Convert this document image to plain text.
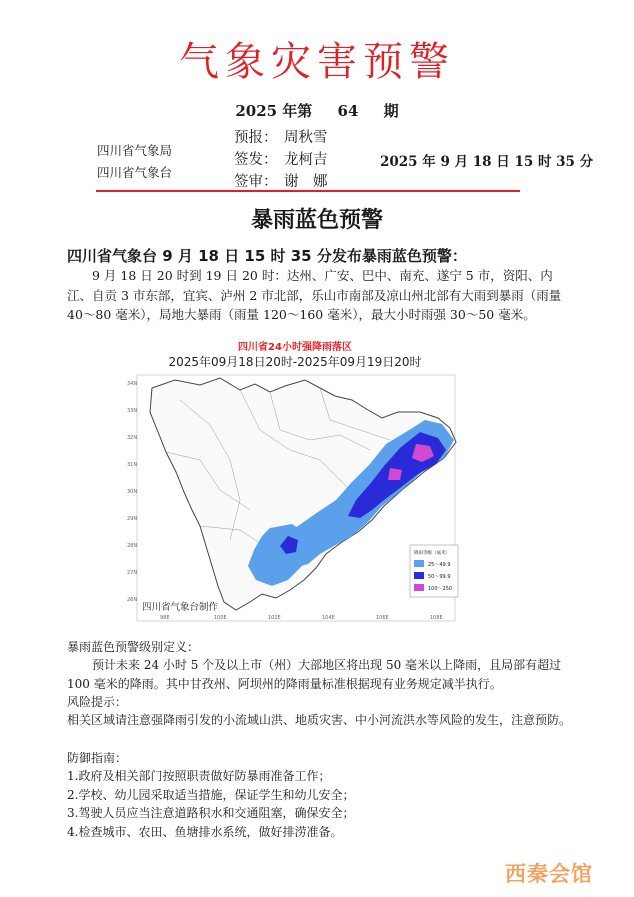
气象灾害预警
2025 年第 64 期
四川省气象局
四川省气象台
预报： 周秋雪
签发： 龙柯吉
签审： 谢　娜
2025 年 9 月 18 日 15 时 35 分
暴雨蓝色预警
四川省气象台 9 月 18 日 15 时 35 分发布暴雨蓝色预警：
9 月 18 日 20 时到 19 日 20 时：达州、广安、巴中、南充、遂宁 5 市，资阳、内江、自贡 3 市东部，宜宾、泸州 2 市北部，乐山市南部及凉山州北部有大雨到暴雨（雨量 40～80 毫米），局地大暴雨（雨量 120～160 毫米），最大小时雨强 30～50 毫米。
四川省24小时强降雨落区
2025年09月18日20时-2025年09月19日20时
34N
33N
32N
31N
30N
29N
28N
27N
26N
98E	100E	102E	104E	106E	108E
降雨等级（毫米）
25～49.9
50～99.9
100～250
四川省气象台制作
暴雨蓝色预警级别定义：
预计未来 24 小时 5 个及以上市（州）大部地区将出现 50 毫米以上降雨，且局部有超过 100 毫米的降雨。其中甘孜州、阿坝州的降雨量标准根据现有业务规定减半执行。
风险提示：
相关区域请注意强降雨引发的小流域山洪、地质灾害、中小河流洪水等风险的发生，注意预防。
防御指南：
1.政府及相关部门按照职责做好防暴雨准备工作；
2.学校、幼儿园采取适当措施，保证学生和幼儿安全；
3.驾驶人员应当注意道路积水和交通阻塞，确保安全；
4.检查城市、农田、鱼塘排水系统，做好排涝准备。
西秦会馆
